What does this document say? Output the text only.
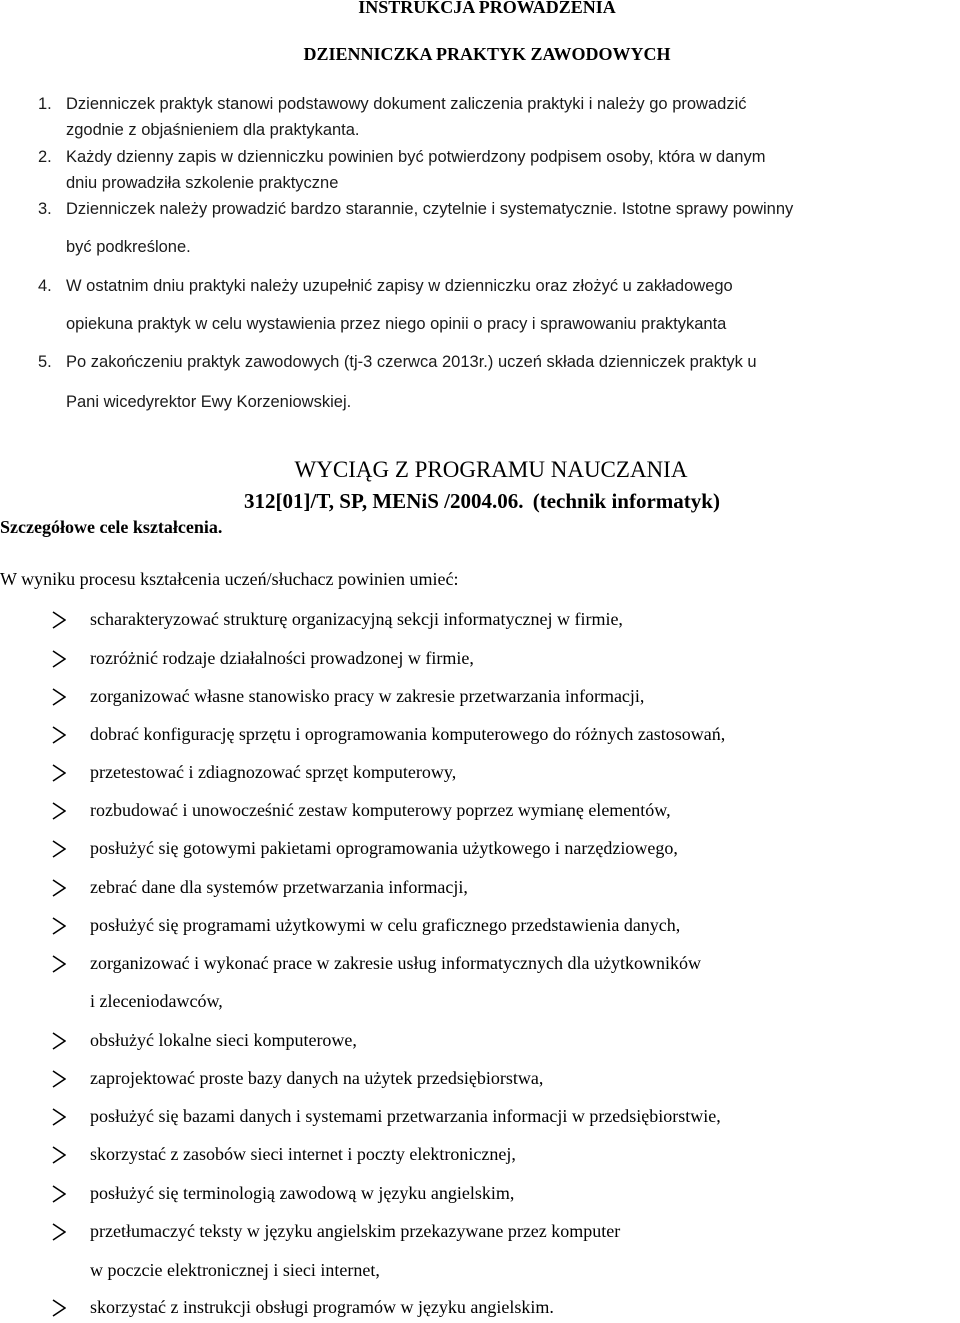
INSTRUKCJA PROWADZENIA
DZIENNICZKA PRAKTYK ZAWODOWYCH
1. Dzienniczek praktyk stanowi podstawowy dokument zaliczenia praktyki i należy go prowadzić
zgodnie z objaśnieniem dla praktykanta.
2. Każdy dzienny zapis w dzienniczku powinien być potwierdzony podpisem osoby, która w danym
dniu prowadziła szkolenie praktyczne
3. Dzienniczek należy prowadzić bardzo starannie, czytelnie i systematycznie. Istotne sprawy powinny
być podkreślone.
4. W ostatnim dniu praktyki należy uzupełnić zapisy w dzienniczku oraz złożyć u zakładowego
opiekuna praktyk w celu wystawienia przez niego opinii o pracy i sprawowaniu praktykanta
5. Po zakończeniu praktyk zawodowych (tj-3 czerwca 2013r.) uczeń składa dzienniczek praktyk u
Pani wicedyrektor Ewy Korzeniowskiej.
WYCIĄG Z PROGRAMU NAUCZANIA
312[01]/T, SP, MENiS /2004.06. (technik informatyk)
Szczegółowe cele kształcenia.
W wyniku procesu kształcenia uczeń/słuchacz powinien umieć:
scharakteryzować strukturę organizacyjną sekcji informatycznej w firmie,
rozróżnić rodzaje działalności prowadzonej w firmie,
zorganizować własne stanowisko pracy w zakresie przetwarzania informacji,
dobrać konfigurację sprzętu i oprogramowania komputerowego do różnych zastosowań,
przetestować i zdiagnozować sprzęt komputerowy,
rozbudować i unowocześnić zestaw komputerowy poprzez wymianę elementów,
posłużyć się gotowymi pakietami oprogramowania użytkowego i narzędziowego,
zebrać dane dla systemów przetwarzania informacji,
posłużyć się programami użytkowymi w celu graficznego przedstawienia danych,
zorganizować i wykonać prace w zakresie usług informatycznych dla użytkowników
i zleceniodawców,
obsłużyć lokalne sieci komputerowe,
zaprojektować proste bazy danych na użytek przedsiębiorstwa,
posłużyć się bazami danych i systemami przetwarzania informacji w przedsiębiorstwie,
skorzystać z zasobów sieci internet i poczty elektronicznej,
posłużyć się terminologią zawodową w języku angielskim,
przetłumaczyć teksty w języku angielskim przekazywane przez komputer
w poczcie elektronicznej i sieci internet,
skorzystać z instrukcji obsługi programów w języku angielskim.
